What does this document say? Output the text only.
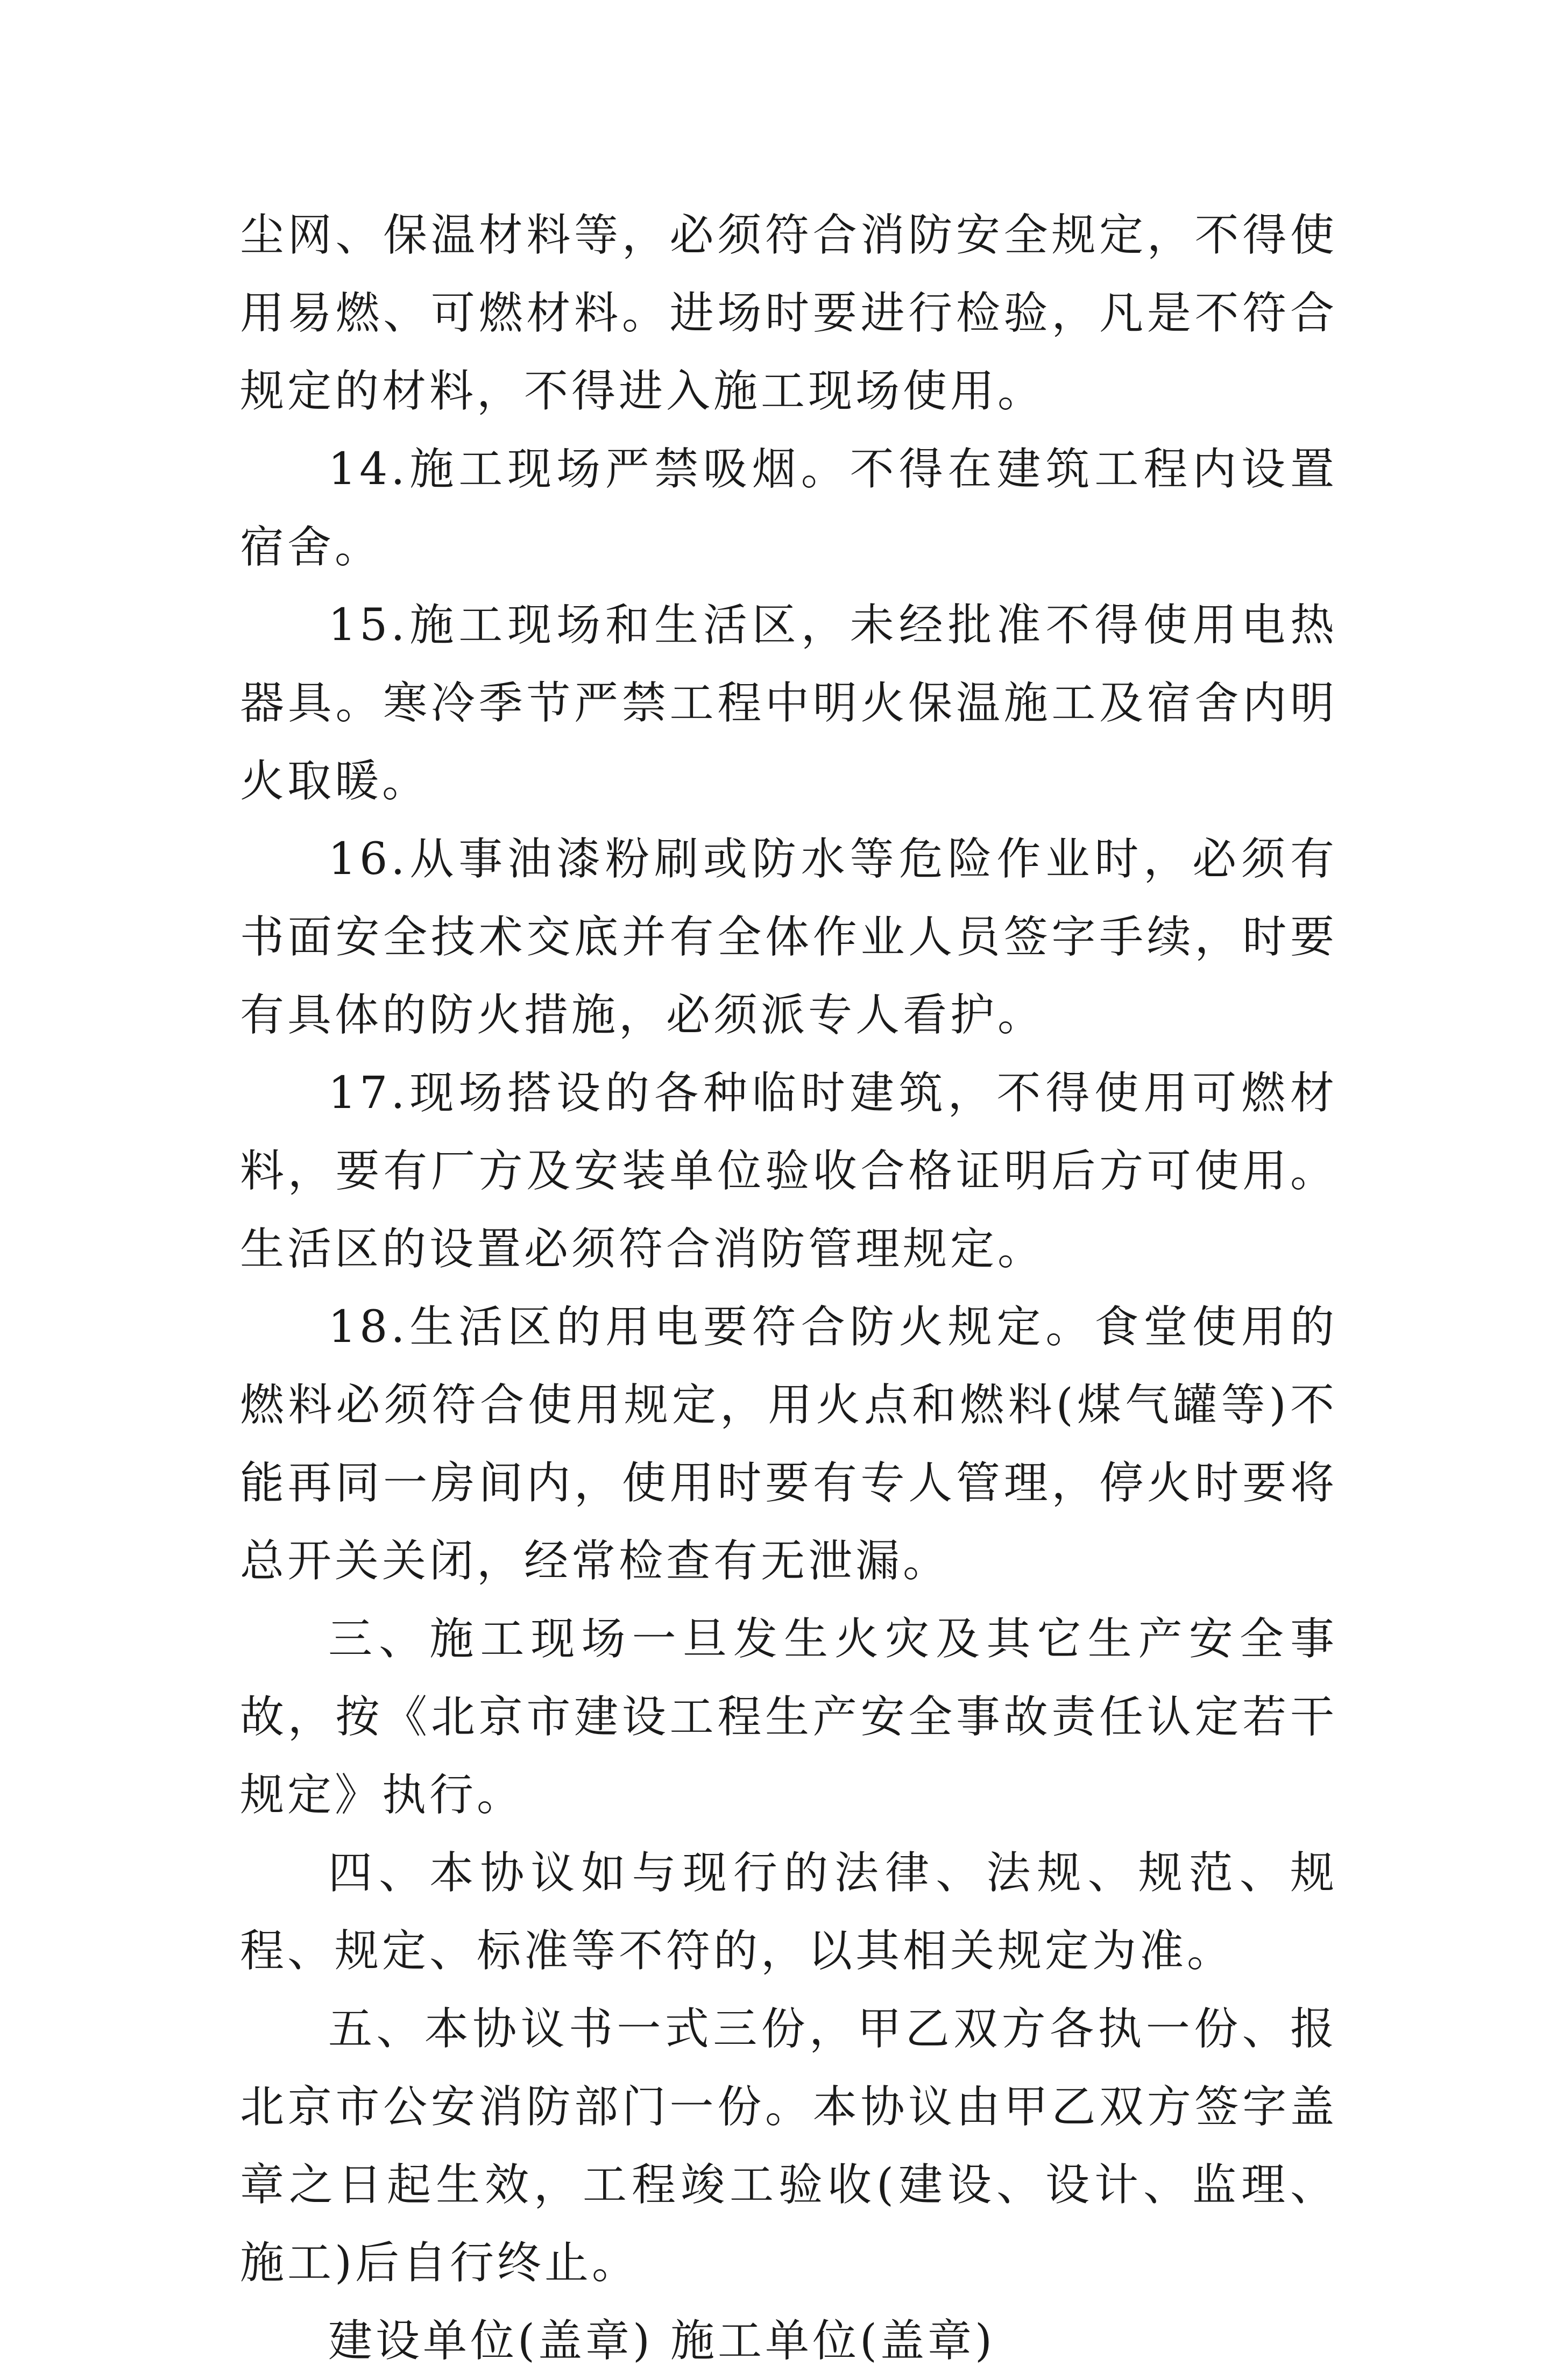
尘网、保温材料等，必须符合消防安全规定，不得使用易燃、可燃材料。进场时要进行检验，凡是不符合规定的材料，不得进入施工现场使用。

14.施工现场严禁吸烟。不得在建筑工程内设置宿舍。

15.施工现场和生活区，未经批准不得使用电热器具。寒冷季节严禁工程中明火保温施工及宿舍内明火取暖。

16.从事油漆粉刷或防水等危险作业时，必须有书面安全技术交底并有全体作业人员签字手续，时要有具体的防火措施，必须派专人看护。

17.现场搭设的各种临时建筑，不得使用可燃材料，要有厂方及安装单位验收合格证明后方可使用。生活区的设置必须符合消防管理规定。

18.生活区的用电要符合防火规定。食堂使用的燃料必须符合使用规定，用火点和燃料(煤气罐等)不能再同一房间内，使用时要有专人管理，停火时要将总开关关闭，经常检查有无泄漏。

三、施工现场一旦发生火灾及其它生产安全事故，按《北京市建设工程生产安全事故责任认定若干规定》执行。

四、本协议如与现行的法律、法规、规范、规程、规定、标准等不符的，以其相关规定为准。

五、本协议书一式三份，甲乙双方各执一份、报北京市公安消防部门一份。本协议由甲乙双方签字盖章之日起生效，工程竣工验收(建设、设计、监理、施工)后自行终止。

建设单位(盖章) 施工单位(盖章)
